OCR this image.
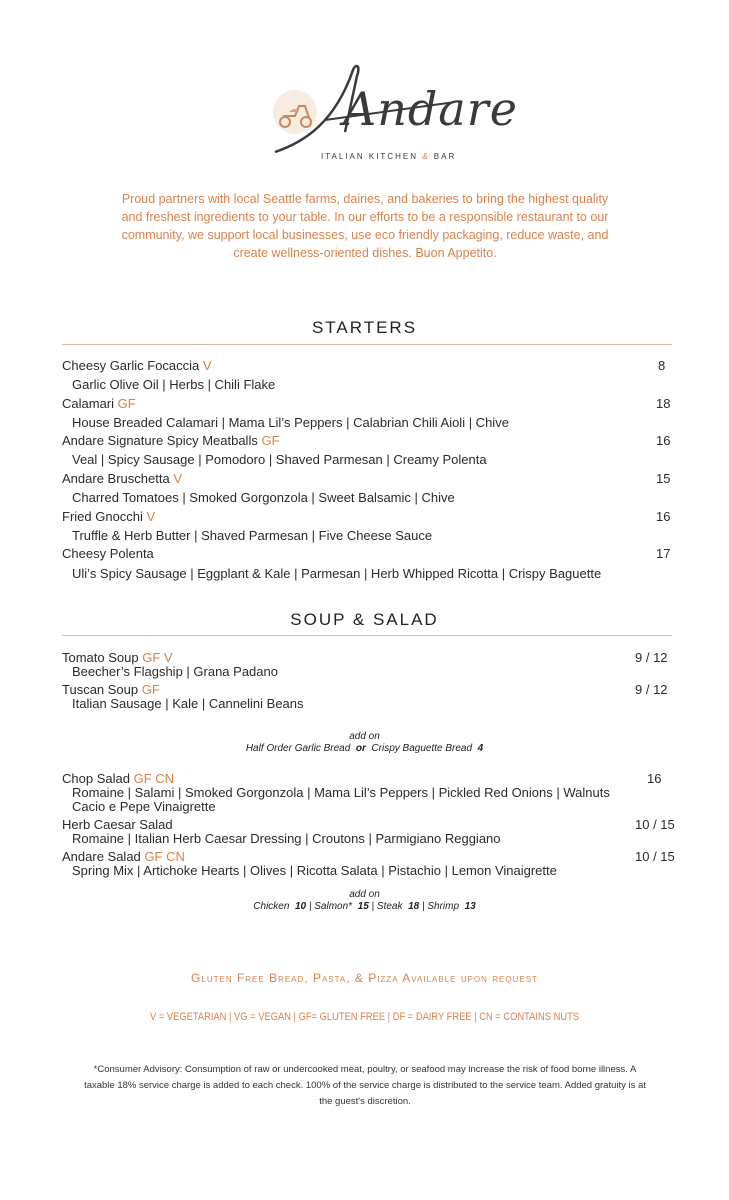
Andare
ITALIAN KITCHEN & BAR
Proud partners with local Seattle farms, dairies, and bakeries to bring the highest quality and freshest ingredients to your table. In our efforts to be a responsible restaurant to our community, we support local businesses, use eco friendly packaging, reduce waste, and create wellness-oriented dishes. Buon Appetito.
STARTERS
Cheesy Garlic Focaccia V	8
Garlic Olive Oil | Herbs | Chili Flake
Calamari GF	18
House Breaded Calamari | Mama Lil’s Peppers | Calabrian Chili Aioli | Chive
Andare Signature Spicy Meatballs GF	16
Veal | Spicy Sausage | Pomodoro | Shaved Parmesan | Creamy Polenta
Andare Bruschetta V	15
Charred Tomatoes | Smoked Gorgonzola | Sweet Balsamic | Chive
Fried Gnocchi V	16
Truffle & Herb Butter | Shaved Parmesan | Five Cheese Sauce
Cheesy Polenta	17
Uli’s Spicy Sausage | Eggplant & Kale | Parmesan | Herb Whipped Ricotta | Crispy Baguette
SOUP & SALAD
Tomato Soup GF V	9 / 12
Beecher’s Flagship | Grana Padano
Tuscan Soup GF	9 / 12
Italian Sausage | Kale | Cannelini Beans
add on
Half Order Garlic Bread or Crispy Baguette Bread 4
Chop Salad GF CN	16
Romaine | Salami | Smoked Gorgonzola | Mama Lil’s Peppers | Pickled Red Onions | Walnuts
Cacio e Pepe Vinaigrette
Herb Caesar Salad	10 / 15
Romaine | Italian Herb Caesar Dressing | Croutons | Parmigiano Reggiano
Andare Salad GF CN	10 / 15
Spring Mix | Artichoke Hearts | Olives | Ricotta Salata | Pistachio | Lemon Vinaigrette
add on
Chicken 10 | Salmon* 15 | Steak 18 | Shrimp 13
Gluten Free Bread, Pasta, & Pizza Available upon request
V = VEGETARIAN | VG = VEGAN | GF= GLUTEN FREE | DF = DAIRY FREE | CN = CONTAINS NUTS
*Consumer Advisory: Consumption of raw or undercooked meat, poultry, or seafood may increase the risk of food borne illness. A taxable 18% service charge is added to each check. 100% of the service charge is distributed to the service team. Added gratuity is at the guest's discretion.
